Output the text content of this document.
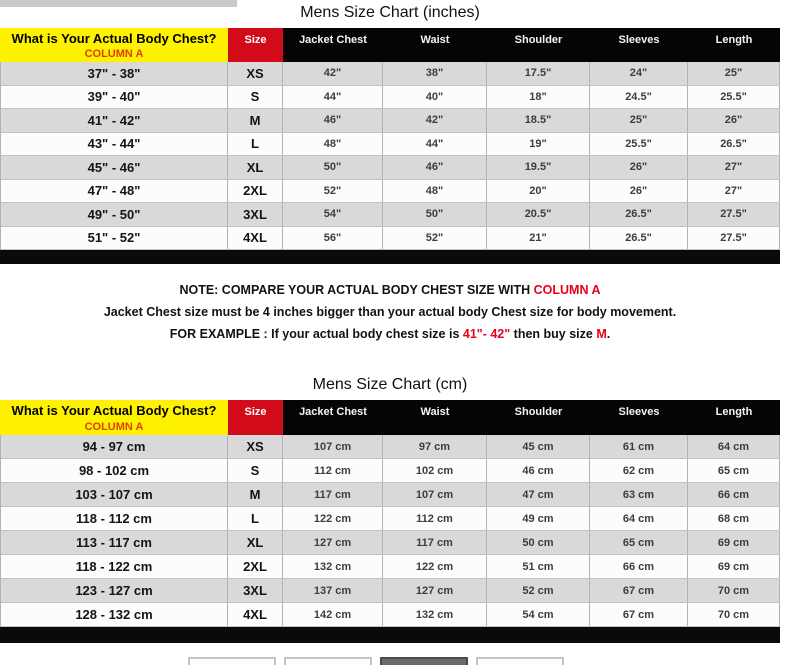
Mens Size Chart (inches)
What is Your Actual Body Chest?
COLUMN A
Size	Jacket Chest	Waist	Shoulder	Sleeves	Length
37" - 38"	XS	42"	38"	17.5"	24"	25"
39" - 40"	S	44"	40"	18"	24.5"	25.5"
41" - 42"	M	46"	42"	18.5"	25"	26"
43" - 44"	L	48"	44"	19"	25.5"	26.5"
45" - 46"	XL	50"	46"	19.5"	26"	27"
47" - 48"	2XL	52"	48"	20"	26"	27"
49" - 50"	3XL	54"	50"	20.5"	26.5"	27.5"
51" - 52"	4XL	56"	52"	21"	26.5"	27.5"

NOTE: COMPARE YOUR ACTUAL BODY CHEST SIZE WITH COLUMN A

Jacket Chest size must be 4 inches bigger than your actual body Chest size for body movement.

FOR EXAMPLE : If your actual body chest size is 41"- 42" then buy size M.

Mens Size Chart (cm)
What is Your Actual Body Chest?
COLUMN A
Size	Jacket Chest	Waist	Shoulder	Sleeves	Length
94 - 97 cm	XS	107 cm	97 cm	45 cm	61 cm	64 cm
98 - 102 cm	S	112 cm	102 cm	46 cm	62 cm	65 cm
103 - 107 cm	M	117 cm	107 cm	47 cm	63 cm	66 cm
118 - 112 cm	L	122 cm	112 cm	49 cm	64 cm	68 cm
113 - 117 cm	XL	127 cm	117 cm	50 cm	65 cm	69 cm
118 - 122 cm	2XL	132 cm	122 cm	51 cm	66 cm	69 cm
123 - 127 cm	3XL	137 cm	127 cm	52 cm	67 cm	70 cm
128 - 132 cm	4XL	142 cm	132 cm	54 cm	67 cm	70 cm
